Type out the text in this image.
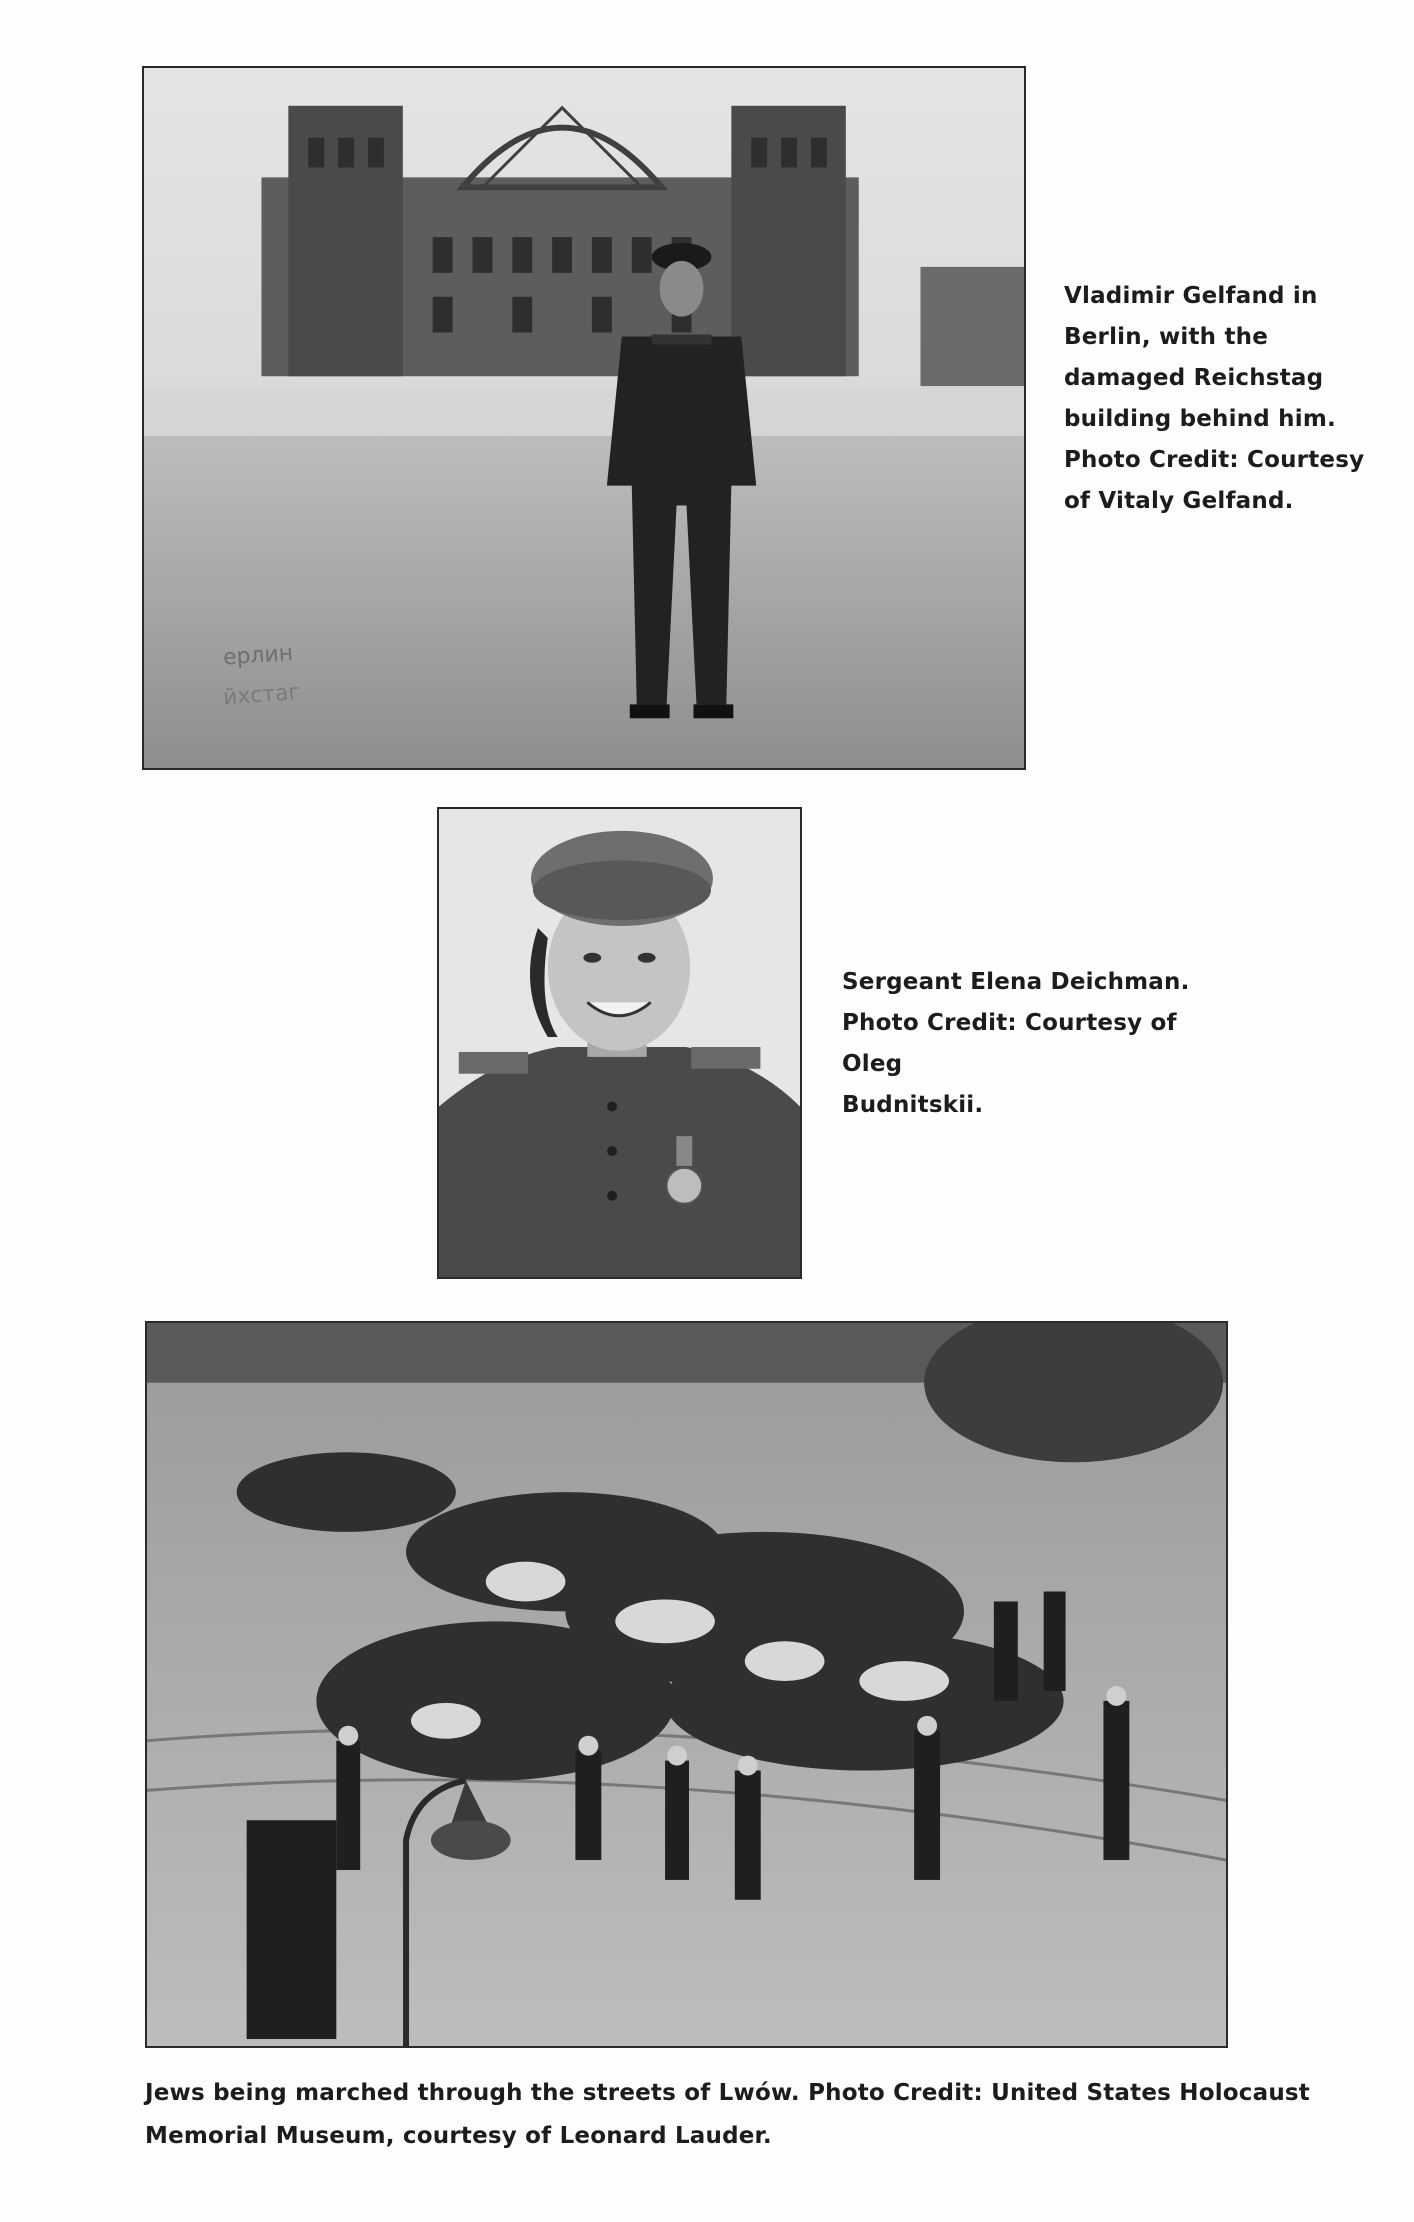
ерлин
йхстаг
Vladimir Gelfand in
Berlin, with the
damaged Reichstag
building behind him.
Photo Credit: Courtesy
of Vitaly Gelfand.
Sergeant Elena Deichman.
Photo Credit: Courtesy of Oleg
Budnitskii.
Jews being marched through the streets of Lwów. Photo Credit: United States Holocaust
Memorial Museum, courtesy of Leonard Lauder.
